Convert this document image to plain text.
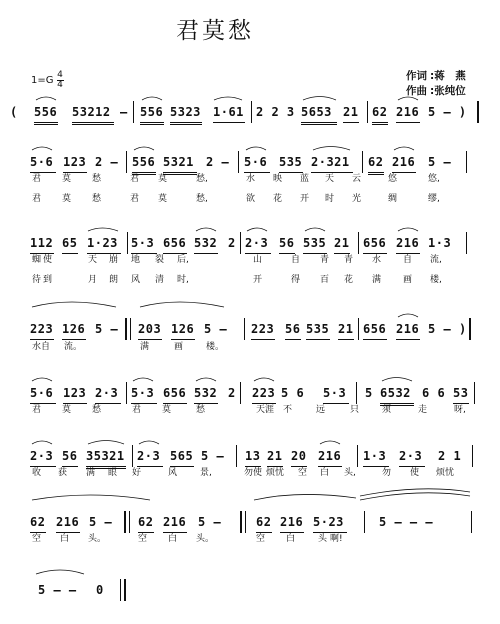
君莫愁
1=G 4
4
作词 :蒋　燕
作曲 :张纯位
( 556 53212 – 556 5323 1·61 2 2 3 5653 21 62 216 5 – )
5·6 123 2 – 556 5321 2 – 5·6 535 2·321 62 216 5 –
君 莫 愁	君 莫	愁,	水 映 蓝 天 云	悠	悠,
君 莫 愁	君 莫	愁,	欲 花 开 时 光	绸	缪,
112 65 1·23 5·3 656 532 2 2·3 56 535 21 656 216 1·3
蜘 使	天 崩 地 裂 后,	山	自 青 青 水 自 流,
待 到	月 朗 风 清 时,	开	得 百 花 满 画 楼,
223 126 5 – 203 126 5 – 223 56 535 21 656 216 5 – )
水自 流。	满	画	楼。
5·6 123 2·3 5·3 656 532 2 223 5 6 5·3 5 6532 6 6 53
君 莫 愁	君 莫	愁	天涯 不	远	只	须	走	呀,
2·3 56 35321 2·3 565 5 – 13 21 20 216 1·3 2·3 2 1
收 获 满 眼 好	风	景,	勿使 烦忧 空 白 头,	勿 使 烦忧
62 216 5 – 62 216 5 –	62 216 5·23	5 – – –
空 白 头。	空 白 头。	空 白	头 啊!
5 – –	0
